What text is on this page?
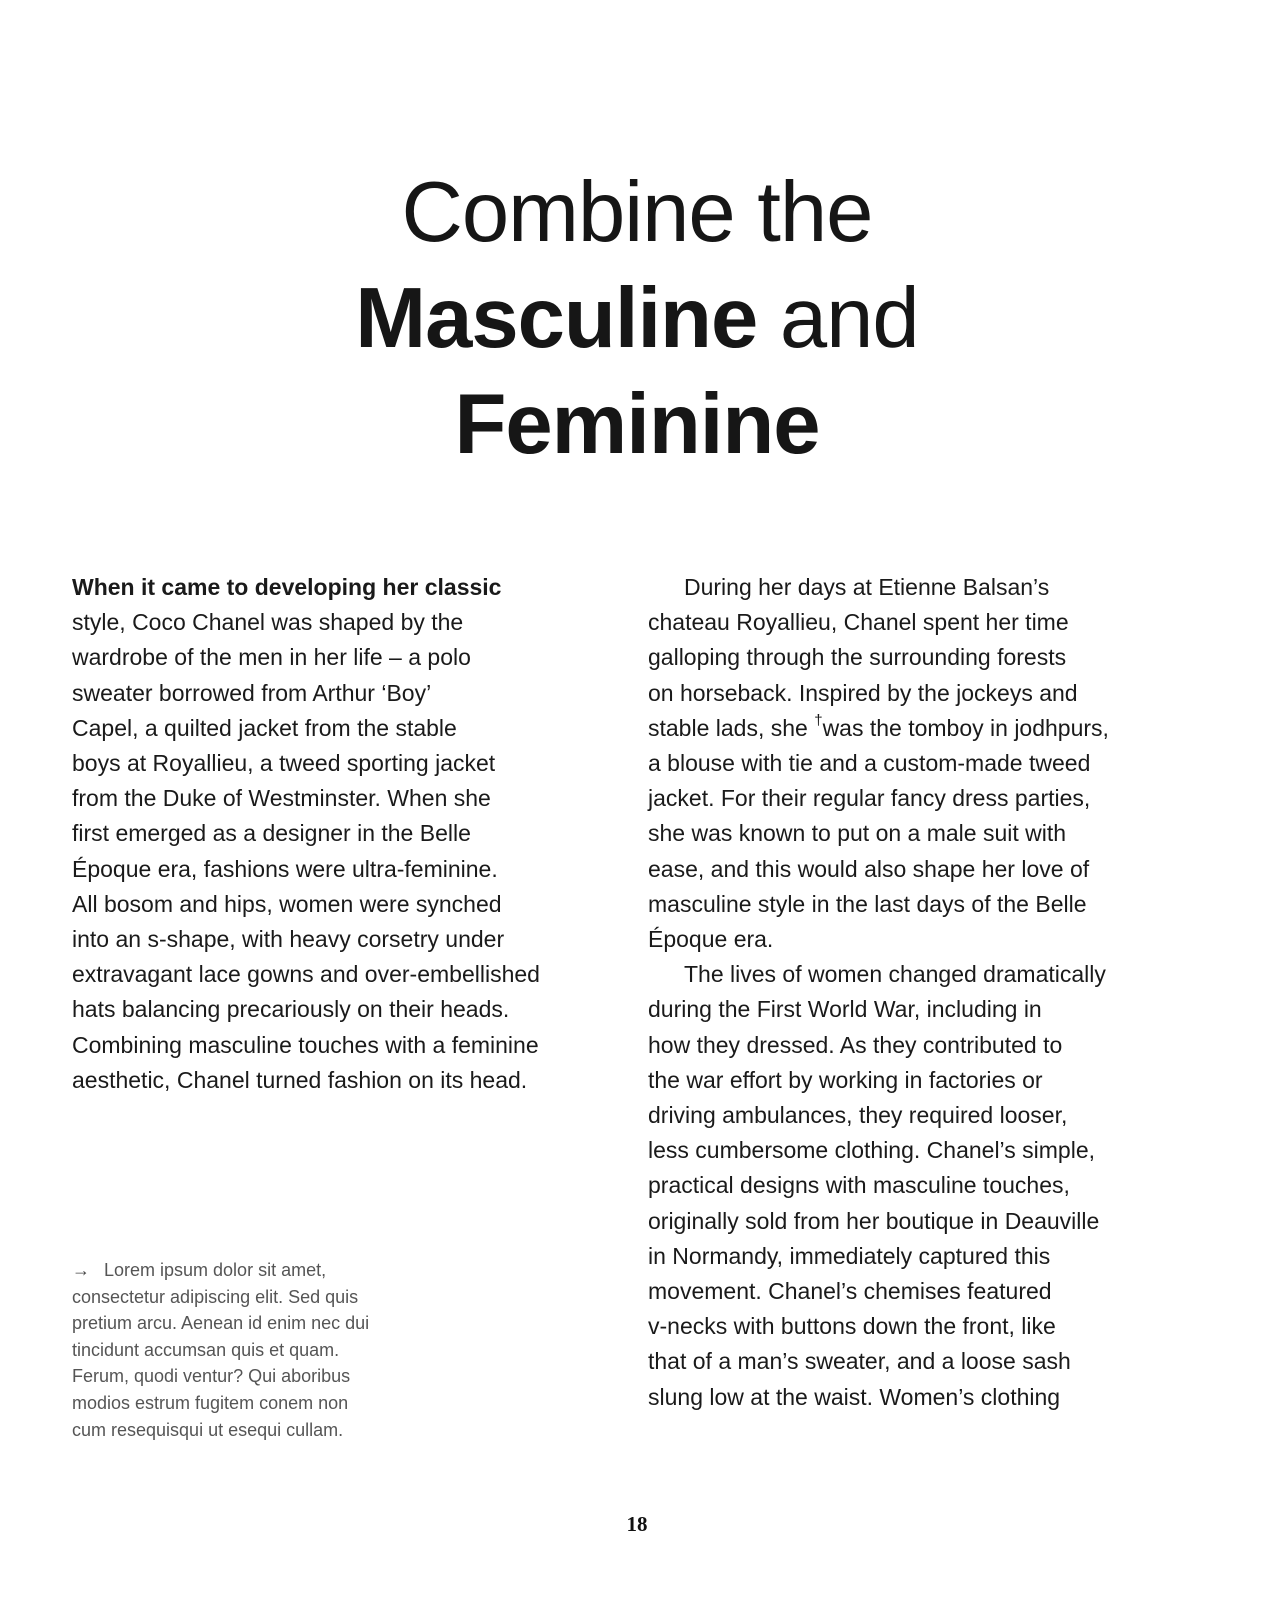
Combine the
Masculine and
Feminine

When it came to developing her classic
style, Coco Chanel was shaped by the
wardrobe of the men in her life – a polo
sweater borrowed from Arthur ‘Boy’
Capel, a quilted jacket from the stable
boys at Royallieu, a tweed sporting jacket
from the Duke of Westminster. When she
first emerged as a designer in the Belle
Époque era, fashions were ultra-feminine.
All bosom and hips, women were synched
into an s-shape, with heavy corsetry under
extravagant lace gowns and over-embellished
hats balancing precariously on their heads.
Combining masculine touches with a feminine
aesthetic, Chanel turned fashion on its head.

During her days at Etienne Balsan’s
chateau Royallieu, Chanel spent her time
galloping through the surrounding forests
on horseback. Inspired by the jockeys and
stable lads, she †was the tomboy in jodhpurs,
a blouse with tie and a custom-made tweed
jacket. For their regular fancy dress parties,
she was known to put on a male suit with
ease, and this would also shape her love of
masculine style in the last days of the Belle
Époque era.

The lives of women changed dramatically
during the First World War, including in
how they dressed. As they contributed to
the war effort by working in factories or
driving ambulances, they required looser,
less cumbersome clothing. Chanel’s simple,
practical designs with masculine touches,
originally sold from her boutique in Deauville
in Normandy, immediately captured this
movement. Chanel’s chemises featured
v-necks with buttons down the front, like
that of a man’s sweater, and a loose sash
slung low at the waist. Women’s clothing

→ Lorem ipsum dolor sit amet,
consectetur adipiscing elit. Sed quis
pretium arcu. Aenean id enim nec dui
tincidunt accumsan quis et quam.
Ferum, quodi ventur? Qui aboribus
modios estrum fugitem conem non
cum resequisqui ut esequi cullam.
18
